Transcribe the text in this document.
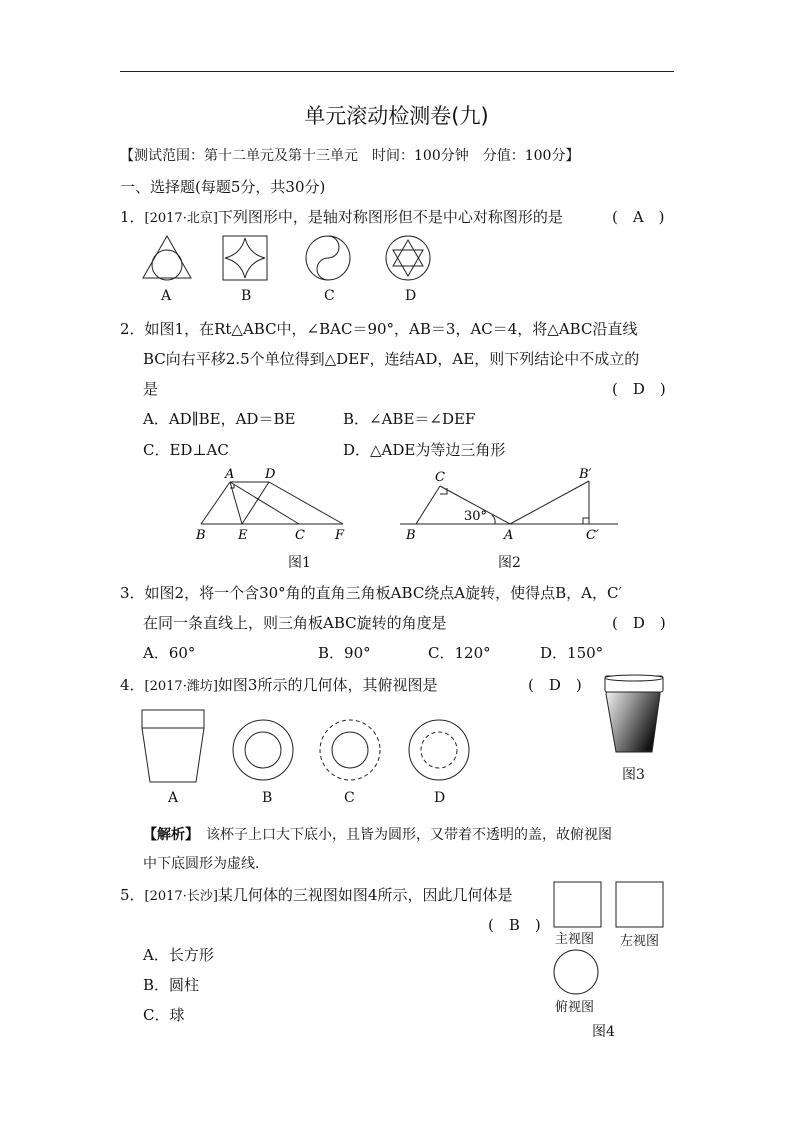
单元滚动检测卷(九)
【测试范围：第十二单元及第十三单元　时间：100分钟　分值：100分】
一、选择题(每题5分，共30分)
1．[2017·北京]下列图形中，是轴对称图形但不是中心对称图形的是	(　A　)
A	B	C	D
2．如图1，在Rt△ABC中，∠BAC＝90°，AB＝3，AC＝4，将△ABC沿直线
BC向右平移2.5个单位得到△DEF，连结AD，AE，则下列结论中不成立的
是	(　D　)
A．AD∥BE，AD＝BE	B．∠ABE＝∠DEF
C．ED⊥AC	D．△ADE为等边三角形
A D
B E	C F
图1
C	B′
B	A	C′
30°
图2
3．如图2，将一个含30°角的直角三角板ABC绕点A旋转，使得点B，A，C′
在同一条直线上，则三角板ABC旋转的角度是	(　D　)
A．60°	B．90°	C．120°	D．150°
4．[2017·潍坊]如图3所示的几何体，其俯视图是	(　D　)
图3
A	B	C	D
【解析】　 该杯子上口大下底小，且皆为圆形，又带着不透明的盖，故俯视图
中下底圆形为虚线．
5．[2017·长沙]某几何体的三视图如图4所示，因此几何体是
(　B　)
A．长方形
B．圆柱
C．球
主视图 左视图
俯视图
图4
